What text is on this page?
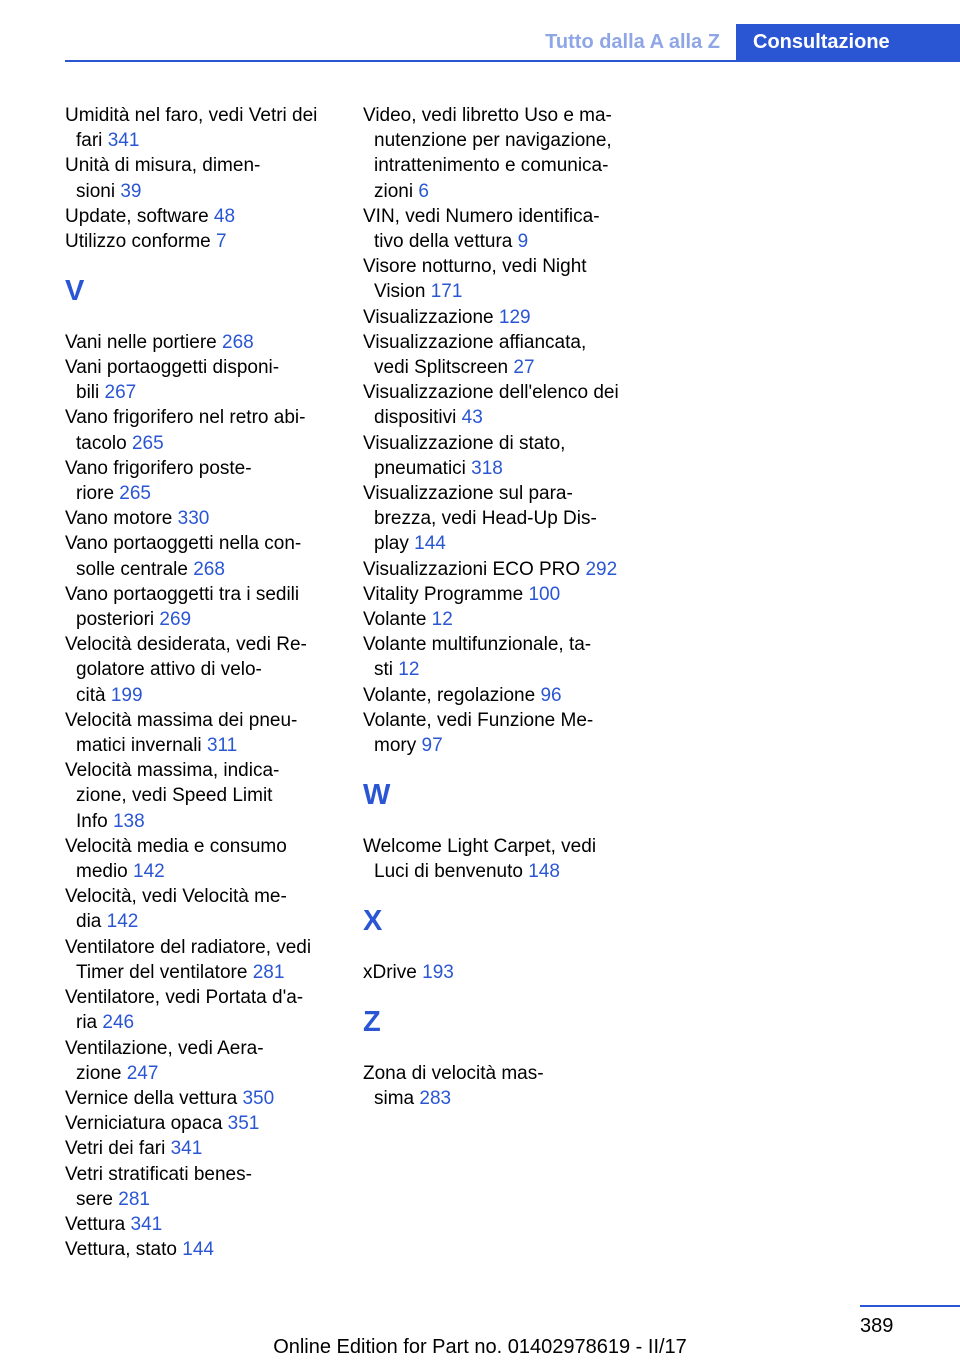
Tutto dalla A alla Z	Consultazione
Umidità nel faro, vedi Vetri dei
fari 341
Unità di misura, dimen-
sioni 39
Update, software 48
Utilizzo conforme 7
V
Vani nelle portiere 268
Vani portaoggetti disponi-
bili 267
Vano frigorifero nel retro abi-
tacolo 265
Vano frigorifero poste-
riore 265
Vano motore 330
Vano portaoggetti nella con-
solle centrale 268
Vano portaoggetti tra i sedili
posteriori 269
Velocità desiderata, vedi Re-
golatore attivo di velo-
cità 199
Velocità massima dei pneu-
matici invernali 311
Velocità massima, indica-
zione, vedi Speed Limit
Info 138
Velocità media e consumo
medio 142
Velocità, vedi Velocità me-
dia 142
Ventilatore del radiatore, vedi
Timer del ventilatore 281
Ventilatore, vedi Portata d'a-
ria 246
Ventilazione, vedi Aera-
zione 247
Vernice della vettura 350
Verniciatura opaca 351
Vetri dei fari 341
Vetri stratificati benes-
sere 281
Vettura 341
Vettura, stato 144
Video, vedi libretto Uso e ma-
nutenzione per navigazione,
intrattenimento e comunica-
zioni 6
VIN, vedi Numero identifica-
tivo della vettura 9
Visore notturno, vedi Night
Vision 171
Visualizzazione 129
Visualizzazione affiancata,
vedi Splitscreen 27
Visualizzazione dell'elenco dei
dispositivi 43
Visualizzazione di stato,
pneumatici 318
Visualizzazione sul para-
brezza, vedi Head-Up Dis-
play 144
Visualizzazioni ECO PRO 292
Vitality Programme 100
Volante 12
Volante multifunzionale, ta-
sti 12
Volante, regolazione 96
Volante, vedi Funzione Me-
mory 97
W
Welcome Light Carpet, vedi
Luci di benvenuto 148
X
xDrive 193
Z
Zona di velocità mas-
sima 283
389
Online Edition for Part no. 01402978619 - II/17
